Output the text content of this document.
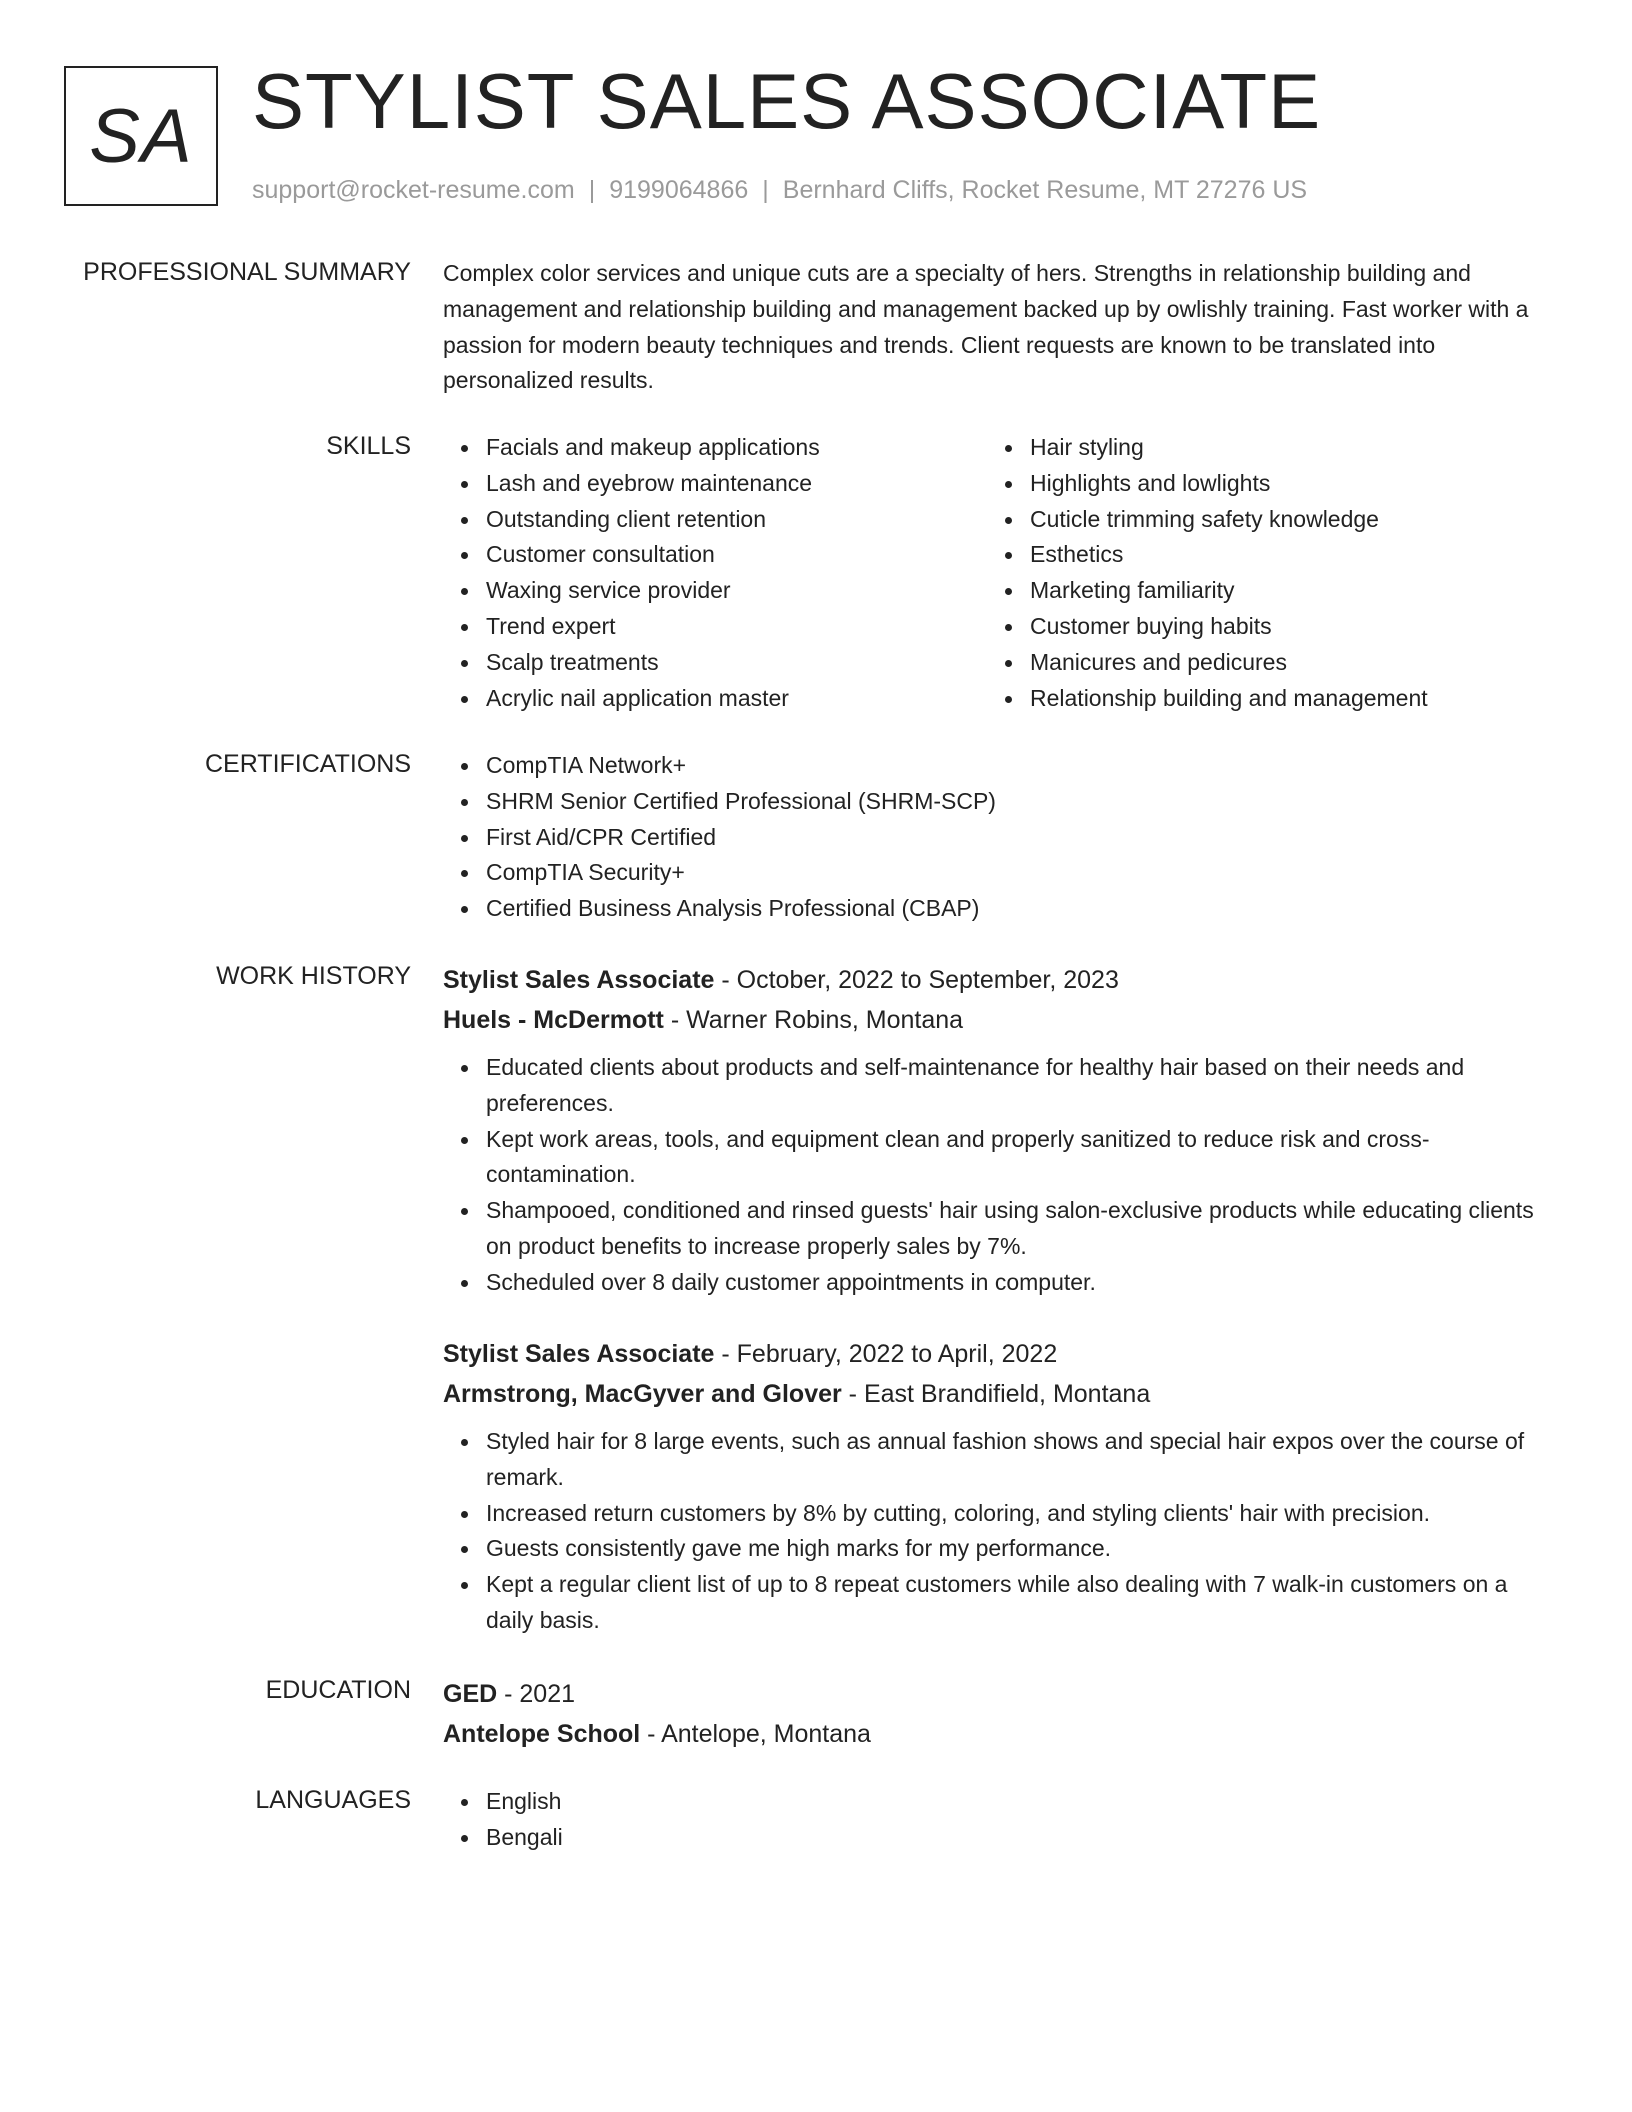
SA STYLIST SALES ASSOCIATE
support@rocket-resume.com | 9199064866 | Bernhard Cliffs, Rocket Resume, MT 27276 US
PROFESSIONAL SUMMARY Complex color services and unique cuts are a specialty of hers. Strengths in relationship building and management and relationship building and management backed up by owlishly training. Fast worker with a passion for modern beauty techniques and trends. Client requests are known to be translated into personalized results.
SKILLS	Facials and makeup applications
Lash and eyebrow maintenance
Outstanding client retention
Customer consultation
Waxing service provider
Trend expert
Scalp treatments
Acrylic nail application master
Hair styling
Highlights and lowlights
Cuticle trimming safety knowledge
Esthetics
Marketing familiarity
Customer buying habits
Manicures and pedicures
Relationship building and management
CERTIFICATIONS	CompTIA Network+
SHRM Senior Certified Professional (SHRM-SCP)
First Aid/CPR Certified
CompTIA Security+
Certified Business Analysis Professional (CBAP)
WORK HISTORY Stylist Sales Associate - October, 2022 to September, 2023
Huels - McDermott - Warner Robins, Montana
Educated clients about products and self-maintenance for healthy hair based on their needs and preferences.
Kept work areas, tools, and equipment clean and properly sanitized to reduce risk and cross-contamination.
Shampooed, conditioned and rinsed guests' hair using salon-exclusive products while educating clients on product benefits to increase properly sales by 7%.
Scheduled over 8 daily customer appointments in computer.
Stylist Sales Associate - February, 2022 to April, 2022
Armstrong, MacGyver and Glover - East Brandifield, Montana
Styled hair for 8 large events, such as annual fashion shows and special hair expos over the course of remark.
Increased return customers by 8% by cutting, coloring, and styling clients' hair with precision.
Guests consistently gave me high marks for my performance.
Kept a regular client list of up to 8 repeat customers while also dealing with 7 walk-in customers on a daily basis.
EDUCATION GED - 2021
Antelope School - Antelope, Montana
LANGUAGES	English
Bengali
